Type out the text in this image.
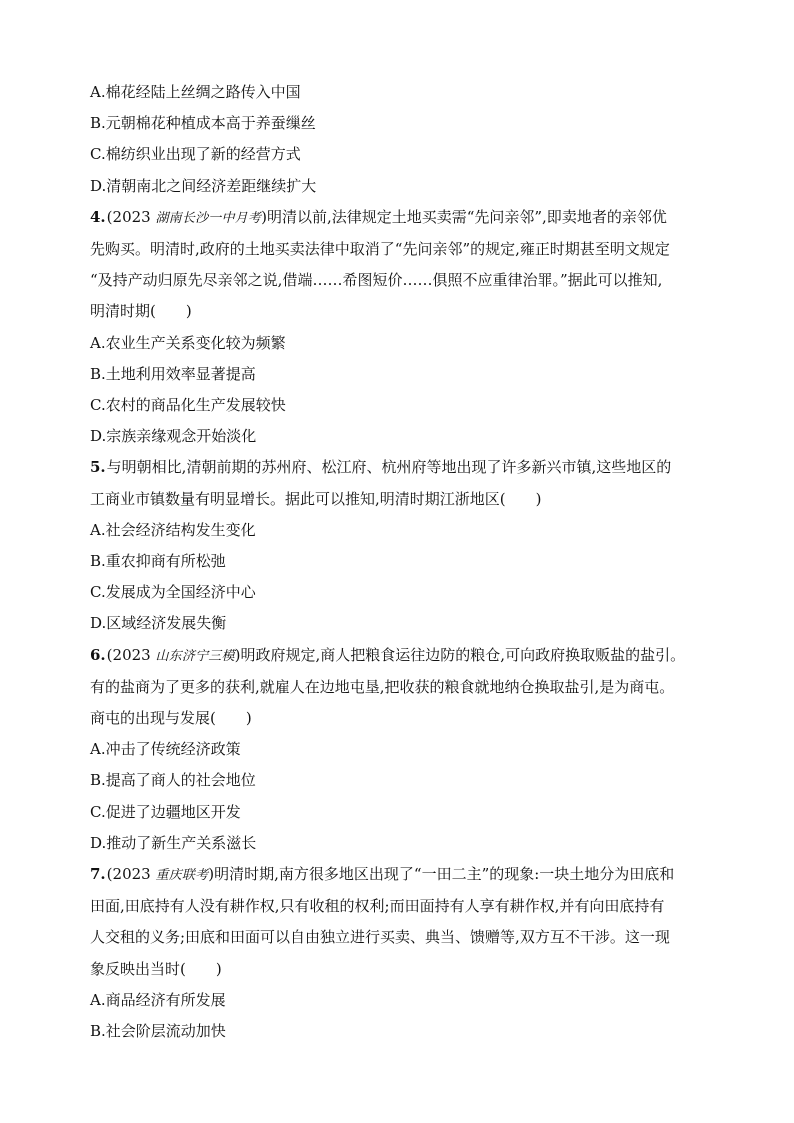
A.棉花经陆上丝绸之路传入中国
B.元朝棉花种植成本高于养蚕缫丝
C.棉纺织业出现了新的经营方式
D.清朝南北之间经济差距继续扩大
4.(2023 湖南长沙一中月考)明清以前,法律规定土地买卖需“先问亲邻”,即卖地者的亲邻优
先购买。明清时,政府的土地买卖法律中取消了“先问亲邻”的规定,雍正时期甚至明文规定
“及持产动归原先尽亲邻之说,借端……希图短价……俱照不应重律治罪。”据此可以推知,
明清时期(　　)
A.农业生产关系变化较为频繁
B.土地利用效率显著提高
C.农村的商品化生产发展较快
D.宗族亲缘观念开始淡化
5.与明朝相比,清朝前期的苏州府、松江府、杭州府等地出现了许多新兴市镇,这些地区的
工商业市镇数量有明显增长。据此可以推知,明清时期江浙地区(　　)
A.社会经济结构发生变化
B.重农抑商有所松弛
C.发展成为全国经济中心
D.区域经济发展失衡
6.(2023 山东济宁三模)明政府规定,商人把粮食运往边防的粮仓,可向政府换取贩盐的盐引。
有的盐商为了更多的获利,就雇人在边地屯垦,把收获的粮食就地纳仓换取盐引,是为商屯。
商屯的出现与发展(　　)
A.冲击了传统经济政策
B.提高了商人的社会地位
C.促进了边疆地区开发
D.推动了新生产关系滋长
7.(2023 重庆联考)明清时期,南方很多地区出现了“一田二主”的现象:一块土地分为田底和
田面,田底持有人没有耕作权,只有收租的权利;而田面持有人享有耕作权,并有向田底持有
人交租的义务;田底和田面可以自由独立进行买卖、典当、馈赠等,双方互不干涉。这一现
象反映出当时(　　)
A.商品经济有所发展
B.社会阶层流动加快
